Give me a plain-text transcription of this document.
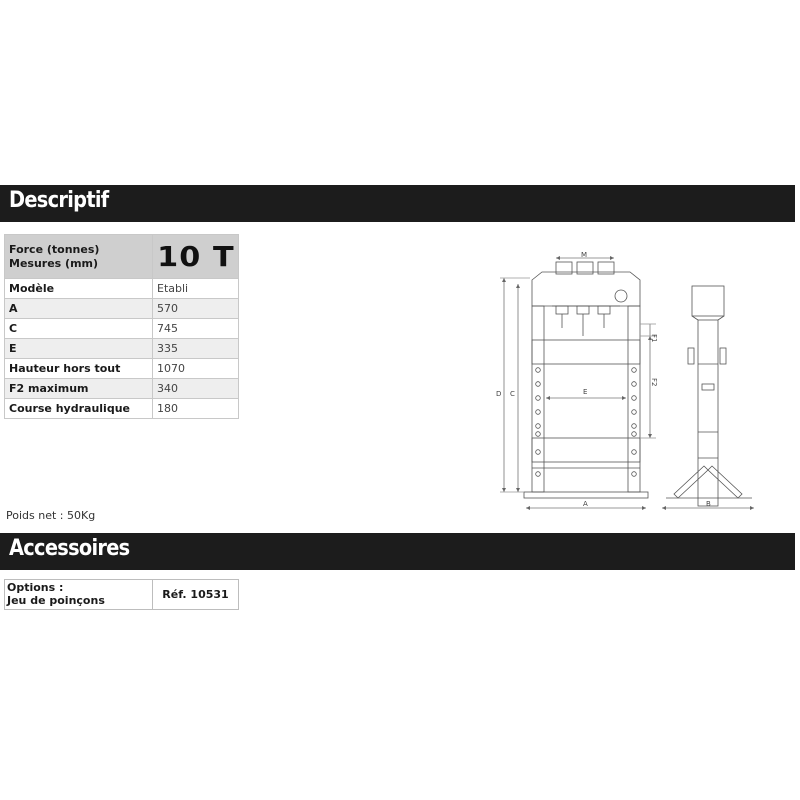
Descriptif
Force (tonnes)
Mesures (mm)	10 T
Modèle	Etabli
A	570
C	745
E	335
Hauteur hors tout	1070
F2 maximum	340
Course hydraulique	180
M
D C	E
F1
F2
A	B
Poids net : 50Kg
Accessoires
Options :
Jeu de poinçons	Réf. 10531
